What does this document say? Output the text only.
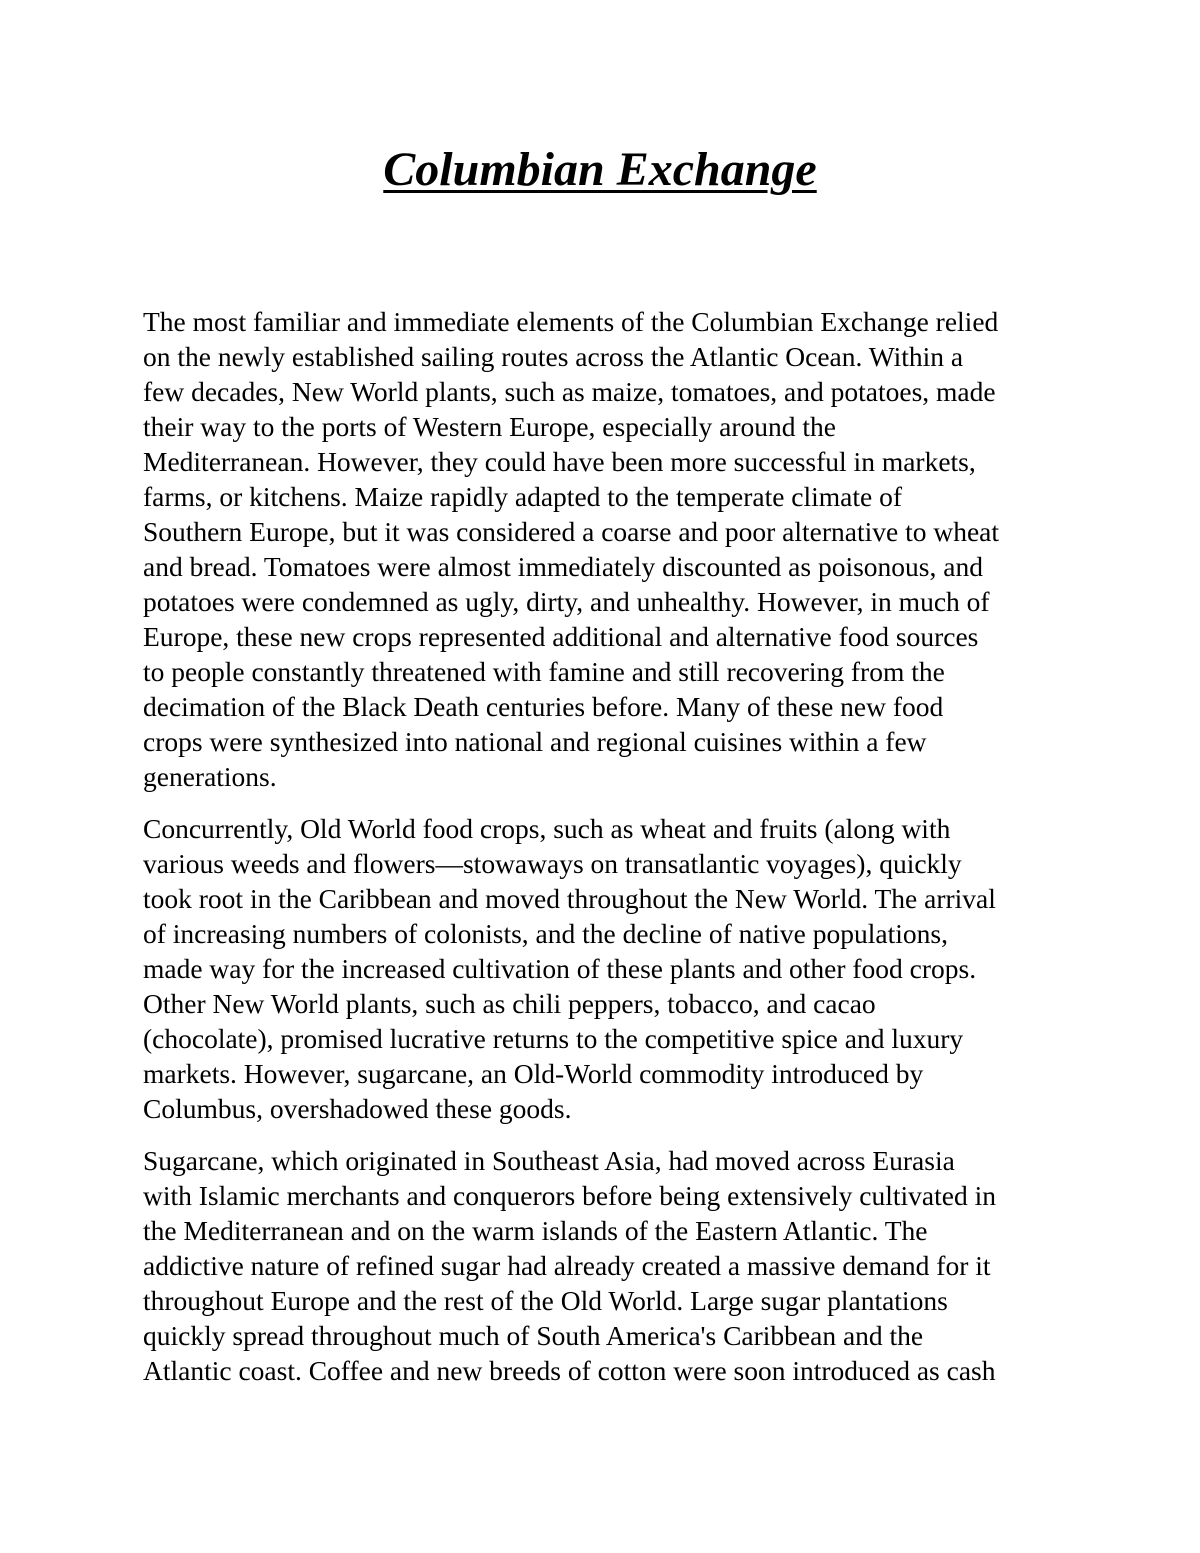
Columbian Exchange

The most familiar and immediate elements of the Columbian Exchange relied
on the newly established sailing routes across the Atlantic Ocean. Within a
few decades, New World plants, such as maize, tomatoes, and potatoes, made
their way to the ports of Western Europe, especially around the
Mediterranean. However, they could have been more successful in markets,
farms, or kitchens. Maize rapidly adapted to the temperate climate of
Southern Europe, but it was considered a coarse and poor alternative to wheat
and bread. Tomatoes were almost immediately discounted as poisonous, and
potatoes were condemned as ugly, dirty, and unhealthy. However, in much of
Europe, these new crops represented additional and alternative food sources
to people constantly threatened with famine and still recovering from the
decimation of the Black Death centuries before. Many of these new food
crops were synthesized into national and regional cuisines within a few
generations.

Concurrently, Old World food crops, such as wheat and fruits (along with
various weeds and flowers—stowaways on transatlantic voyages), quickly
took root in the Caribbean and moved throughout the New World. The arrival
of increasing numbers of colonists, and the decline of native populations,
made way for the increased cultivation of these plants and other food crops.
Other New World plants, such as chili peppers, tobacco, and cacao
(chocolate), promised lucrative returns to the competitive spice and luxury
markets. However, sugarcane, an Old-World commodity introduced by
Columbus, overshadowed these goods.

Sugarcane, which originated in Southeast Asia, had moved across Eurasia
with Islamic merchants and conquerors before being extensively cultivated in
the Mediterranean and on the warm islands of the Eastern Atlantic. The
addictive nature of refined sugar had already created a massive demand for it
throughout Europe and the rest of the Old World. Large sugar plantations
quickly spread throughout much of South America's Caribbean and the
Atlantic coast. Coffee and new breeds of cotton were soon introduced as cash
